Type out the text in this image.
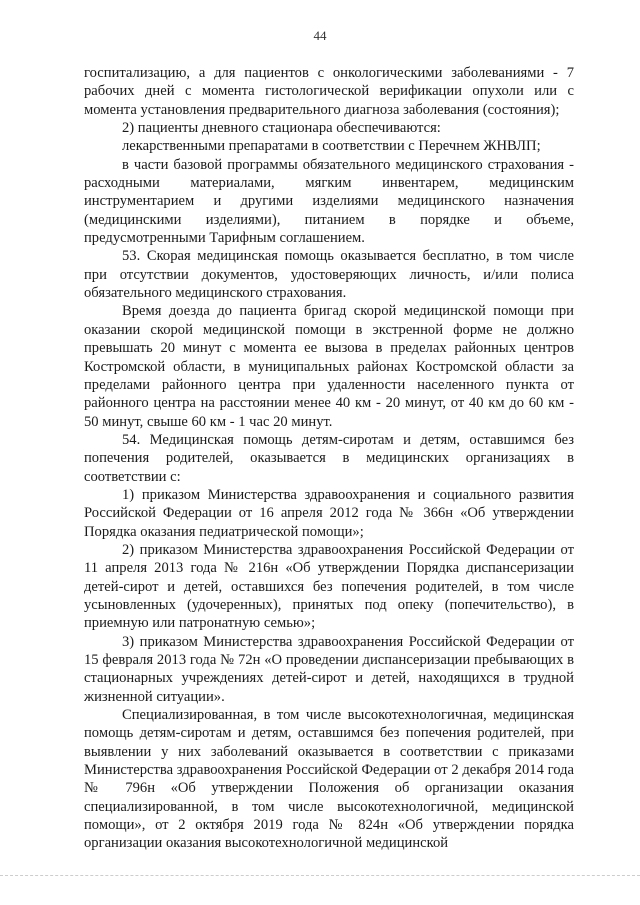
44

госпитализацию, а для пациентов с онкологическими заболеваниями - 7 рабочих дней с момента гистологической верификации опухоли или с момента установления предварительного диагноза заболевания (состояния);

2) пациенты дневного стационара обеспечиваются:

лекарственными препаратами в соответствии с Перечнем ЖНВЛП;

в части базовой программы обязательного медицинского страхования - расходными материалами, мягким инвентарем, медицинским инструментарием и другими изделиями медицинского назначения (медицинскими изделиями), питанием в порядке и объеме, предусмотренными Тарифным соглашением.

53. Скорая медицинская помощь оказывается бесплатно, в том числе при отсутствии документов, удостоверяющих личность, и/или полиса обязательного медицинского страхования.

Время доезда до пациента бригад скорой медицинской помощи при оказании скорой медицинской помощи в экстренной форме не должно превышать 20 минут с момента ее вызова в пределах районных центров Костромской области, в муниципальных районах Костромской области за пределами районного центра при удаленности населенного пункта от районного центра на расстоянии менее 40 км - 20 минут, от 40 км до 60 км - 50 минут, свыше 60 км - 1 час 20 минут.

54. Медицинская помощь детям-сиротам и детям, оставшимся без попечения родителей, оказывается в медицинских организациях в соответствии с:

1) приказом Министерства здравоохранения и социального развития Российской Федерации от 16 апреля 2012 года № 366н «Об утверждении Порядка оказания педиатрической помощи»;

2) приказом Министерства здравоохранения Российской Федерации от 11 апреля 2013 года № 216н «Об утверждении Порядка диспансеризации детей-сирот и детей, оставшихся без попечения родителей, в том числе усыновленных (удочеренных), принятых под опеку (попечительство), в приемную или патронатную семью»;

3) приказом Министерства здравоохранения Российской Федерации от 15 февраля 2013 года № 72н «О проведении диспансеризации пребывающих в стационарных учреждениях детей-сирот и детей, находящихся в трудной жизненной ситуации».

Специализированная, в том числе высокотехнологичная, медицинская помощь детям-сиротам и детям, оставшимся без попечения родителей, при выявлении у них заболеваний оказывается в соответствии с приказами Министерства здравоохранения Российской Федерации от 2 декабря 2014 года № 796н «Об утверждении Положения об организации оказания специализированной, в том числе высокотехнологичной, медицинской помощи», от 2 октября 2019 года № 824н «Об утверждении порядка организации оказания высокотехнологичной медицинской
